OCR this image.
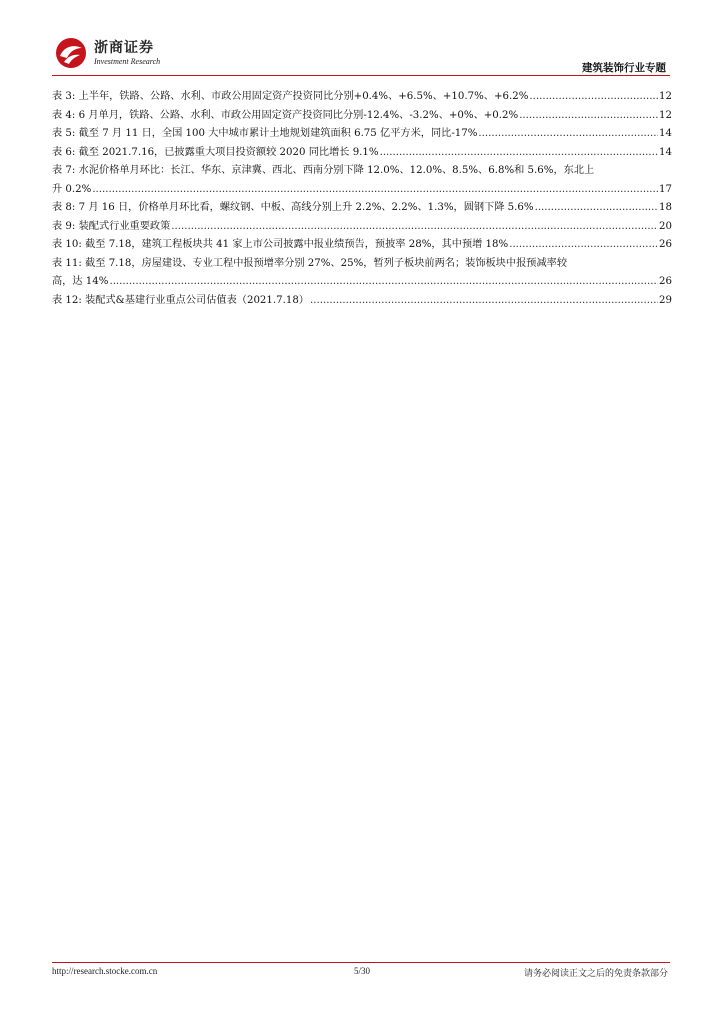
浙商证券
Investment Research
建筑装饰行业专题
表 3: 上半年，铁路、公路、水利、市政公用固定资产投资同比分别+0.4%、+6.5%、+10.7%、+6.2% .....	12
表 4: 6 月单月，铁路、公路、水利、市政公用固定资产投资同比分别-12.4%、-3.2%、+0%、+0.2% .....	12
表 5: 截至 7 月 11 日，全国 100 大中城市累计土地规划建筑面积 6.75 亿平方米，同比-17% .....	14
表 6: 截至 2021.7.16，已披露重大项目投资额较 2020 同比增长 9.1% .....	14
表 7: 水泥价格单月环比：长江、华东、京津冀、西北、西南分别下降 12.0%、12.0%、8.5%、6.8%和 5.6%，东北上
升 0.2% .....	17
表 8: 7 月 16 日，价格单月环比看，螺纹钢、中板、高线分别上升 2.2%、2.2%、1.3%，圆钢下降 5.6% .....	18
表 9: 装配式行业重要政策 .....	20
表 10: 截至 7.18，建筑工程板块共 41 家上市公司披露中报业绩预告，预披率 28%，其中预增 18% .....	26
表 11: 截至 7.18，房屋建设、专业工程中报预增率分别 27%、25%，暂列子板块前两名；装饰板块中报预减率较
高，达 14% .....	26
表 12: 装配式&基建行业重点公司估值表（2021.7.18） .....	29
http://research.stocke.com.cn	5/30	请务必阅读正文之后的免责条款部分
